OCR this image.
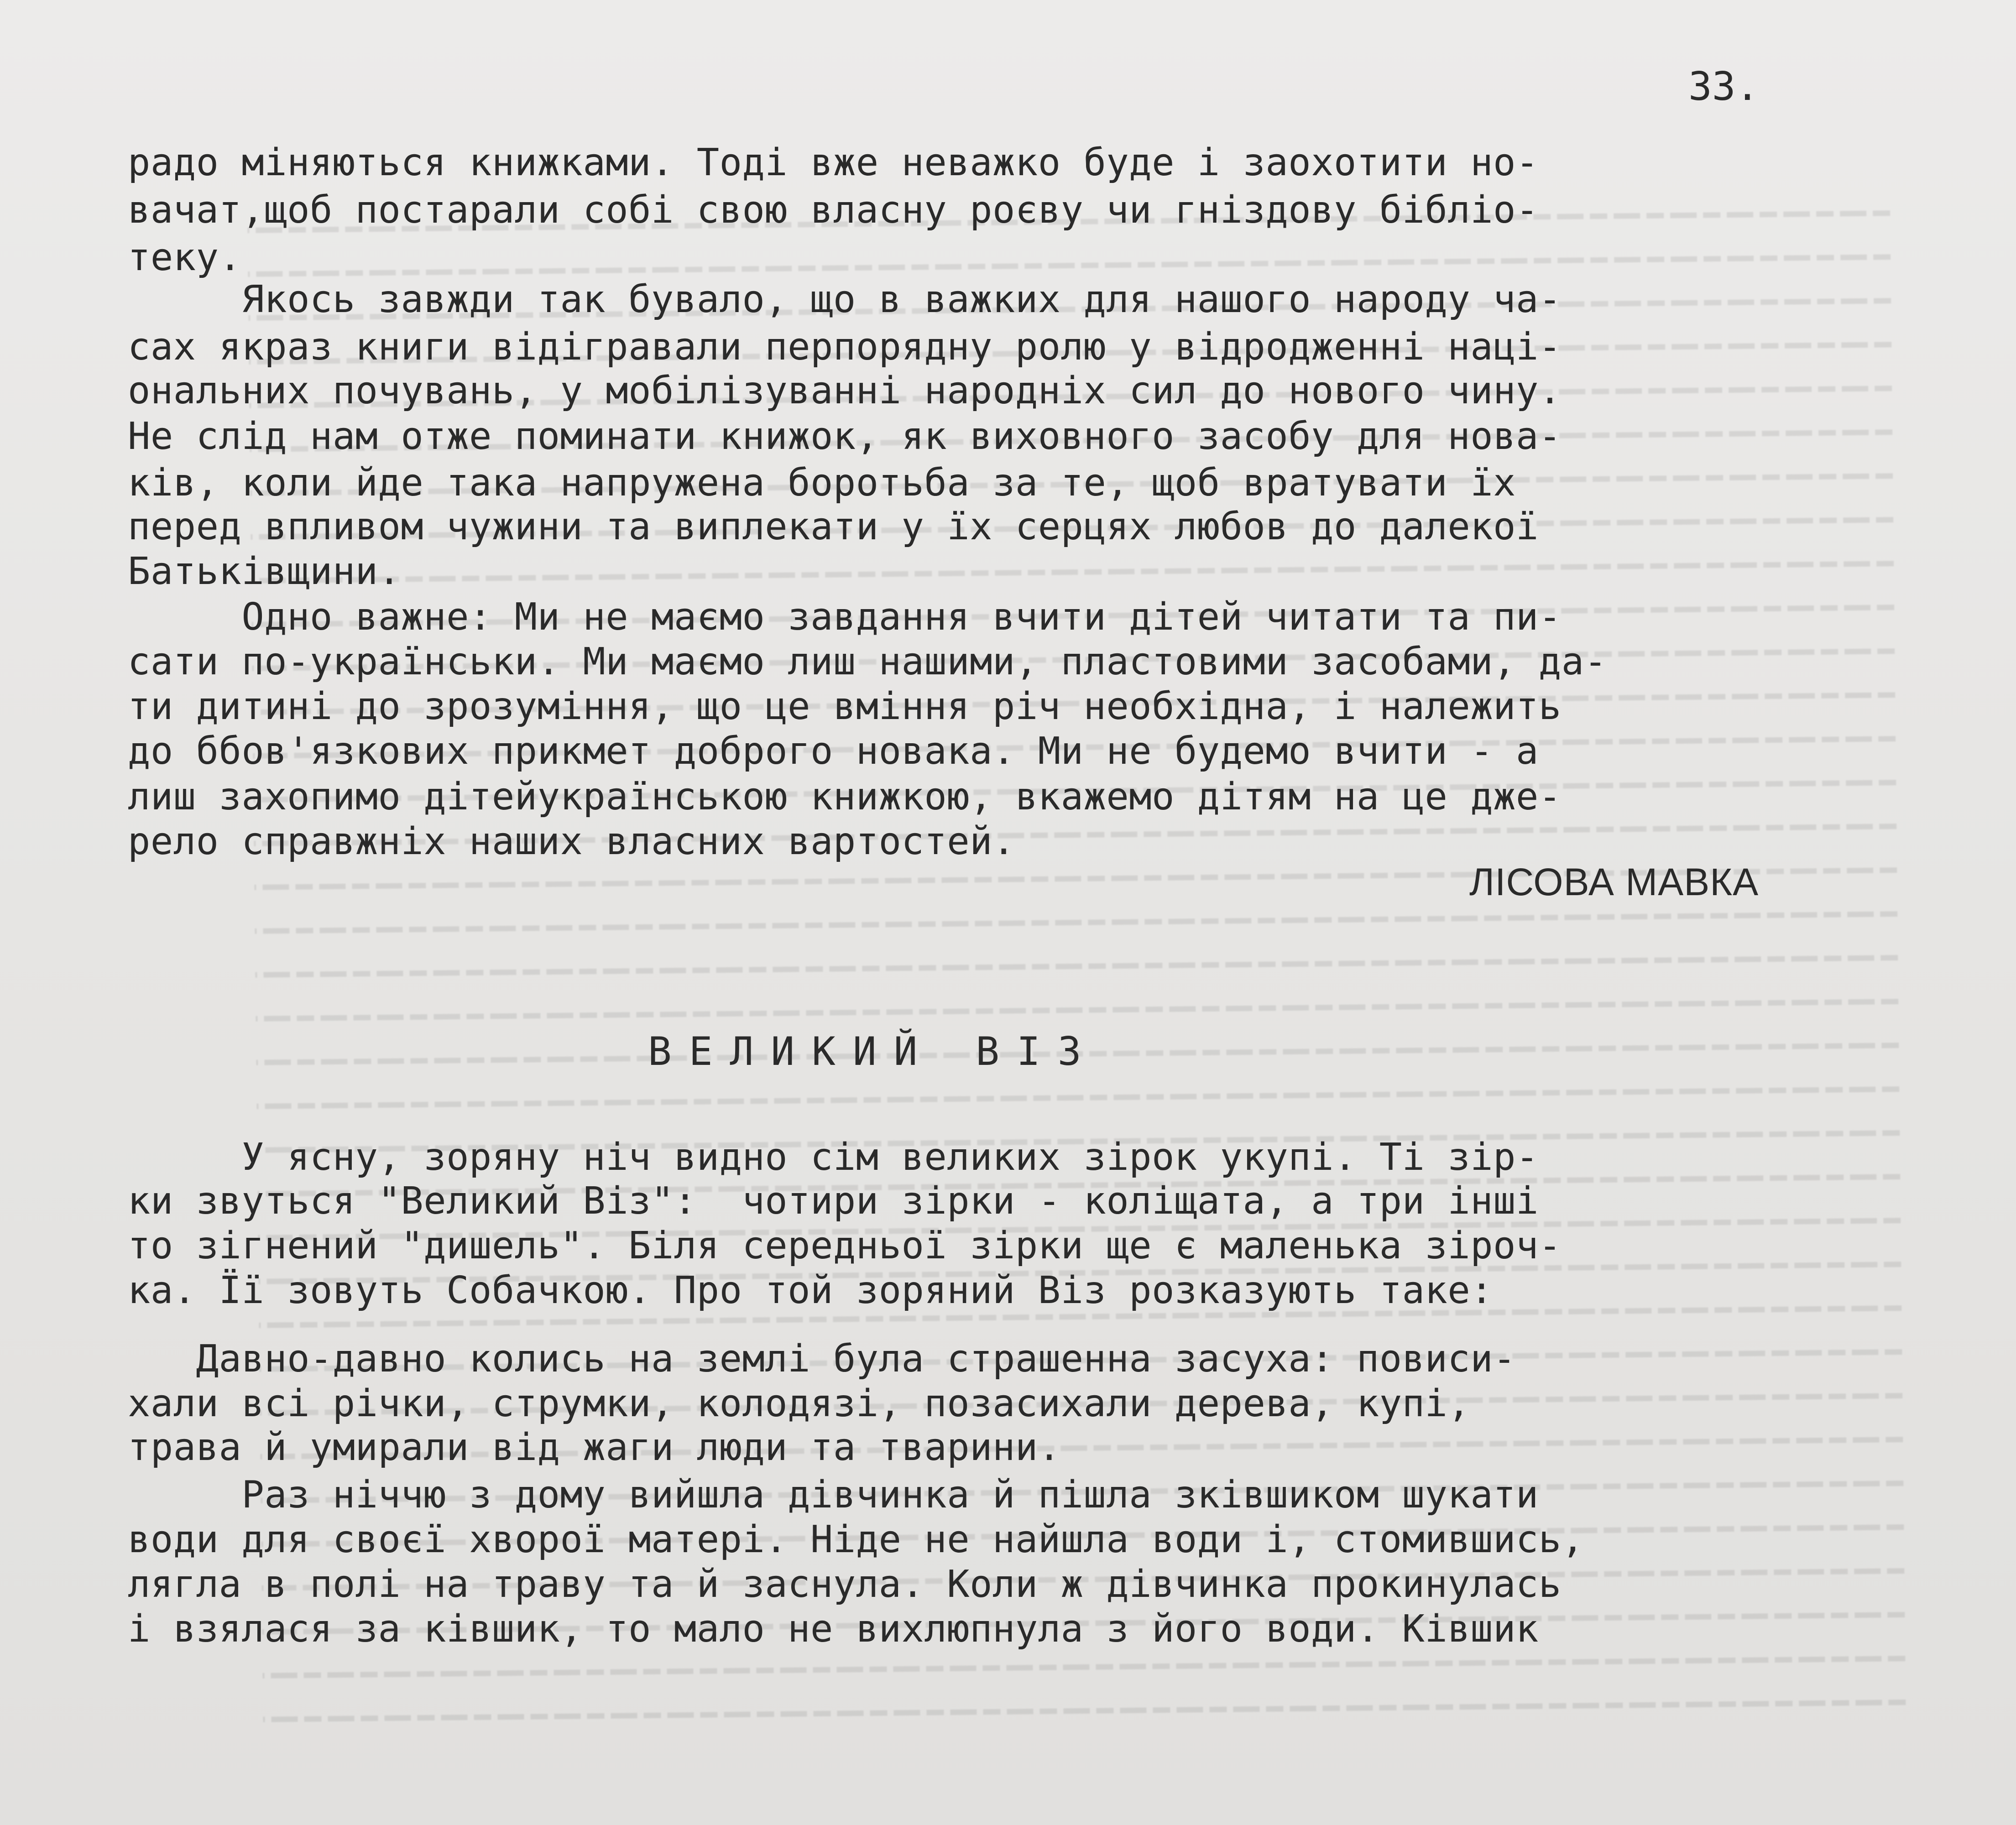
33.

радо міняються книжками. Тоді вже неважко буде і заохотити но-

вачат,щоб постарали собі свою власну роєву чи гніздову бібліо-

теку.

Якось завжди так бувало, що в важких для нашого народу ча-

сах якраз книги відігравали перпорядну ролю у відродженні наці-

ональних почувань, у мобілізуванні народніх сил до нового чину.

Не слід нам отже поминати книжок, як виховного засобу для нова-

ків, коли йде така напружена боротьба за те, щоб вратувати їх

перед впливом чужини та виплекати у їх серцях любов до далекої

Батьківщини.

Одно важне: Ми не маємо завдання вчити дітей читати та пи-

сати по-українськи. Ми маємо лиш нашими, пластовими засобами, да-

ти дитині до зрозуміння, що це вміння річ необхідна, і належить

до ббов'язкових прикмет доброго новака. Ми не будемо вчити - а

лиш захопимо дітейукраїнською книжкою, вкажемо дітям на це дже-

рело справжніх наших власних вартостей.

ЛІСОВА МАВКА
ВЕЛИКИЙ ВІЗ

У ясну, зоряну ніч видно сім великих зірок укупі. Ті зір-

ки звуться "Великий Віз":  чотири зірки - коліщата, а три інші

то зігнений "дишель". Біля середньої зірки ще є маленька зіроч-

ка. Її зовуть Собачкою. Про той зоряний Віз розказують таке:

Давно-давно колись на землі була страшенна засуха: повиси-

хали всі річки, струмки, колодязі, позасихали дерева, купі,

трава й умирали від жаги люди та тварини.

Раз ніччю з дому вийшла дівчинка й пішла зківшиком шукати

води для своєї хворої матері. Ніде не найшла води і, стомившись,

лягла в полі на траву та й заснула. Коли ж дівчинка прокинулась

і взялася за ківшик, то мало не вихлюпнула з його води. Ківшик
